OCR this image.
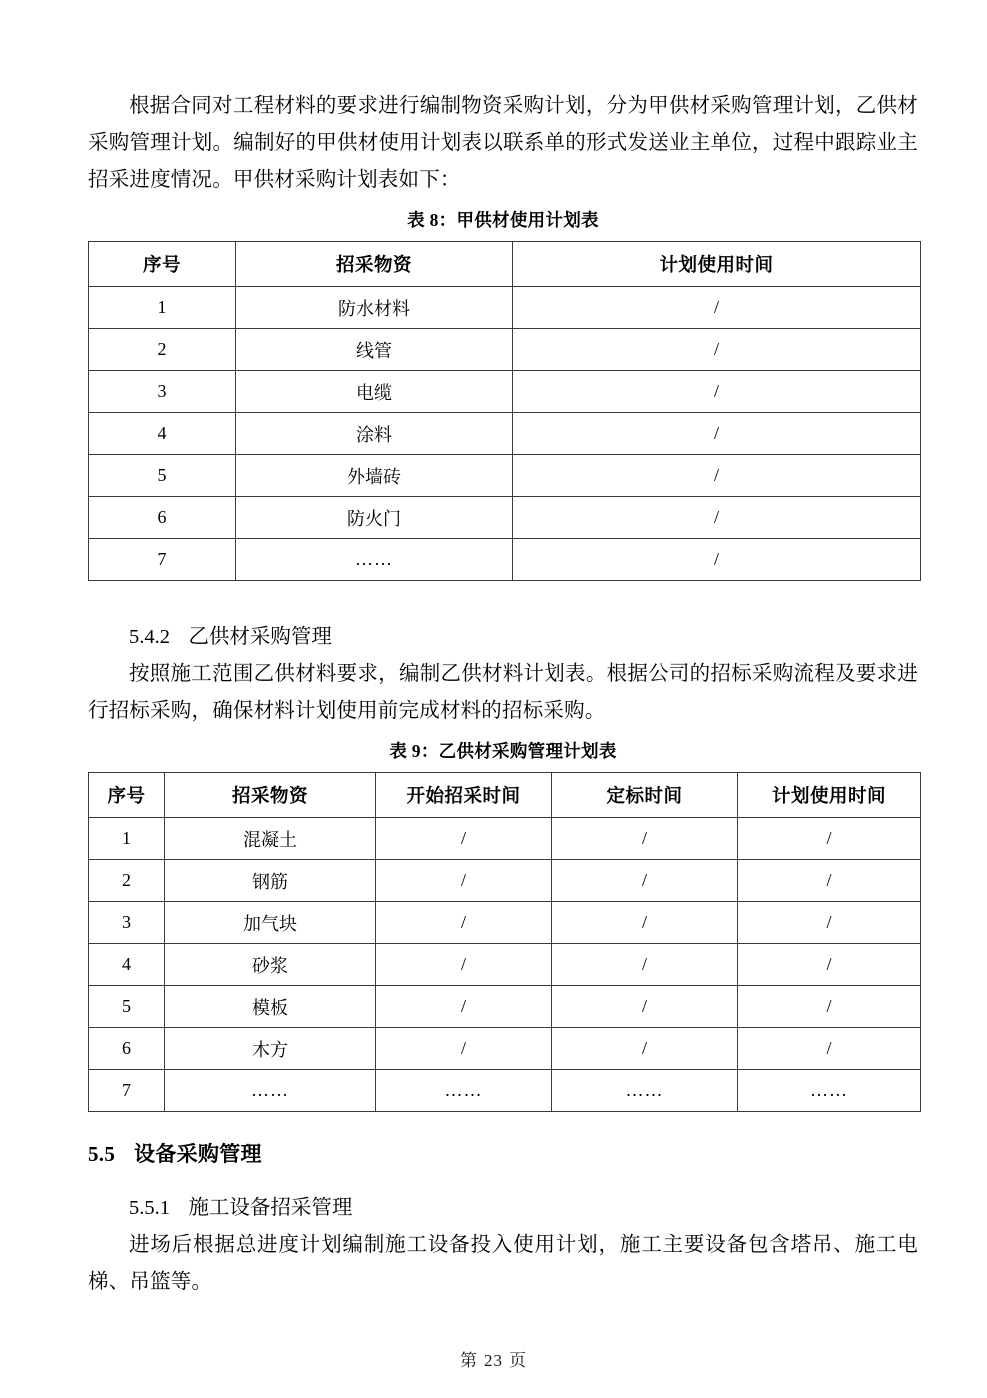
根据合同对工程材料的要求进行编制物资采购计划，分为甲供材采购管理计划，乙供材采购管理计划。编制好的甲供材使用计划表以联系单的形式发送业主单位，过程中跟踪业主招采进度情况。甲供材采购计划表如下：

表 8：甲供材使用计划表

序号	招采物资	计划使用时间
1	防水材料	/
2	线管	/
3	电缆	/
4	涂料	/
5	外墙砖	/
6	防火门	/
7	……	/

5.4.2 乙供材采购管理

按照施工范围乙供材料要求，编制乙供材料计划表。根据公司的招标采购流程及要求进行招标采购，确保材料计划使用前完成材料的招标采购。

表 9：乙供材采购管理计划表

序号	招采物资	开始招采时间	定标时间	计划使用时间
1	混凝土	/	/	/
2	钢筋	/	/	/
3	加气块	/	/	/
4	砂浆	/	/	/
5	模板	/	/	/
6	木方	/	/	/
7	……	……	……	……

5.5 设备采购管理

5.5.1 施工设备招采管理

进场后根据总进度计划编制施工设备投入使用计划，施工主要设备包含塔吊、施工电梯、吊篮等。

第 23 页
